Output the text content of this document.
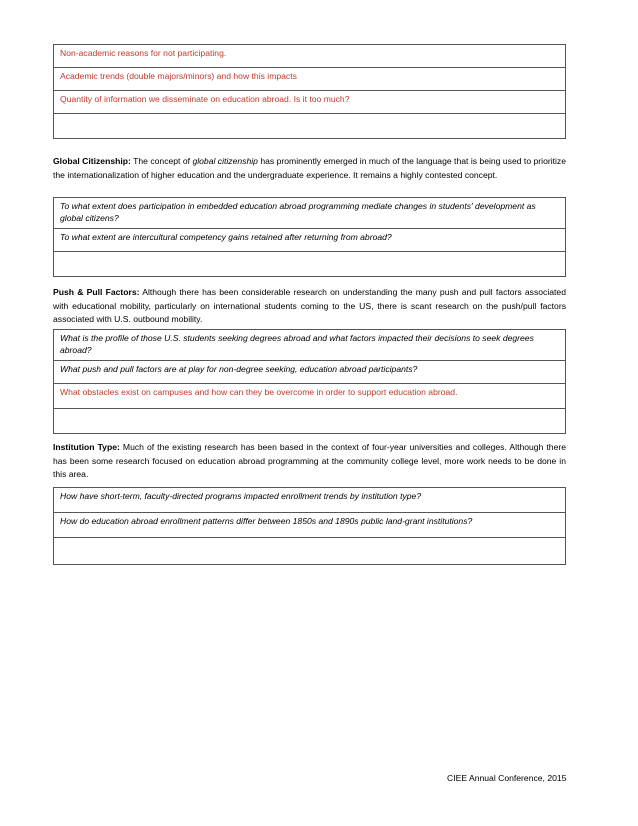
Non-academic reasons for not participating.
Academic trends (double majors/minors) and how this impacts
Quantity of information we disseminate on education abroad. Is it too much?

Global Citizenship: The concept of global citizenship has prominently emerged in much of the language that is being used to prioritize the internationalization of higher education and the undergraduate experience. It remains a highly contested concept.
To what extent does participation in embedded education abroad programming mediate changes in students' development as global citizens?
To what extent are intercultural competency gains retained after returning from abroad?

Push & Pull Factors: Although there has been considerable research on understanding the many push and pull factors associated with educational mobility, particularly on international students coming to the US, there is scant research on the push/pull factors associated with U.S. outbound mobility.
What is the profile of those U.S. students seeking degrees abroad and what factors impacted their decisions to seek degrees abroad?
What push and pull factors are at play for non-degree seeking, education abroad participants?
What obstacles exist on campuses and how can they be overcome in order to support education abroad.

Institution Type: Much of the existing research has been based in the context of four-year universities and colleges. Although there has been some research focused on education abroad programming at the community college level, more work needs to be done in this area.
How have short-term, faculty-directed programs impacted enrollment trends by institution type?
How do education abroad enrollment patterns differ between 1850s and 1890s public land-grant institutions?

CIEE Annual Conference, 2015
